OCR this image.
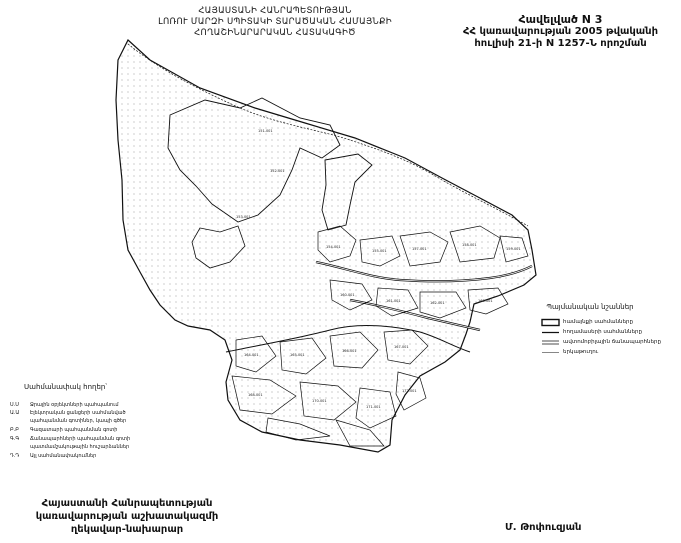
ՀԱՅԱՍՏԱՆԻ ՀԱՆՐԱՊԵՏՈՒԹՅԱՆ
ԼՈՌՈՒ ՄԱՐԶԻ ՍՊԻՏԱԿԻ ՏԱՐԱԾԱԿԱՆ ՀԱՄԱՅՆՔԻ
ՀՈՂԱՇԻՆԱՐԱՐԱԿԱՆ ՀԱՏԱԿԱԳԻԾ
Հավելված N 3
ՀՀ կառավարության 2005 թվականի
հուլիսի 21-ի N 1257-Ն որոշման
151-001
152-001
153-001
154-001
155-001	157-001
158-001
159-001
160-001
161-001	162-001	163-001
164-001	165-001
166-001
167-001
168-001
170-001
171-001
172-001
Պայմանական նշաններ
համայնքի սահմանները
հողամասերի սահմանները
ավտոմոբիլային ճանապարհները
երկաթուղու
Սահմանափակ հողեր՝
Ս.Ս Ջրային օբյեկտների պահպանում
Ա.Ա Էլեկտրական ցանցերի սահմանված
պահպանման գոտիներ, կապի գծեր
Բ.Բ Գազատարի պահպանման գոտի
Գ.Գ Ճանապարհների պահպանման գոտի
պատմամշակութային հուշարձաններ
Դ.Դ Այլ սահմանափակումներ
Հայաստանի Հանրապետության
կառավարության աշխատակազմի
ղեկավար-նախարար	Մ. Թոփուզյան
